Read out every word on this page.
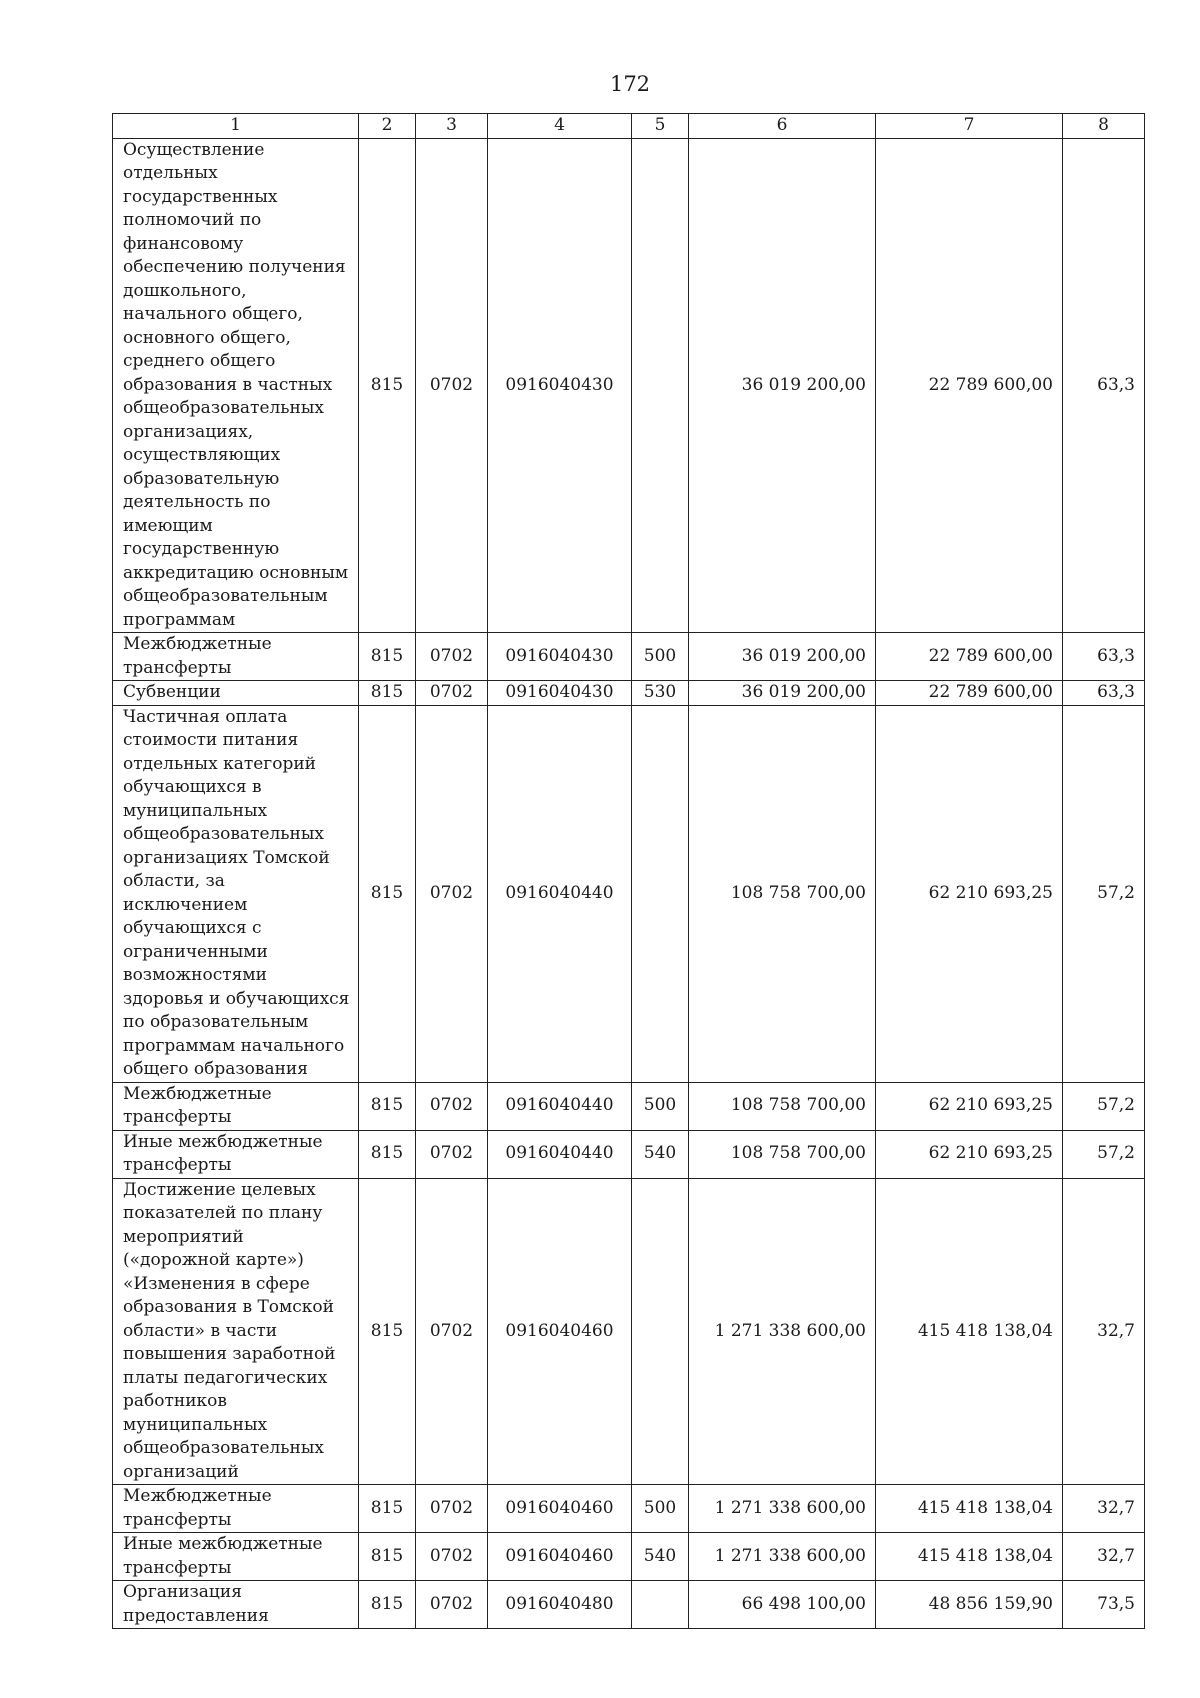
172
1	2	3	4	5	6	7	8
Осуществление отдельных государственных полномочий по финансовому обеспечению получения дошкольного, начального общего, основного общего, среднего общего образования в частных общеобразовательных организациях, осуществляющих образовательную деятельность по имеющим государственную аккредитацию основным общеобразовательным программам	815	0702	0916040430		36 019 200,00	22 789 600,00	63,3
Межбюджетные трансферты	815	0702	0916040430	500	36 019 200,00	22 789 600,00	63,3
Субвенции	815	0702	0916040430	530	36 019 200,00	22 789 600,00	63,3
Частичная оплата стоимости питания отдельных категорий обучающихся в муниципальных общеобразовательных организациях Томской области, за исключением обучающихся с ограниченными возможностями здоровья и обучающихся по образовательным программам начального общего образования	815	0702	0916040440		108 758 700,00	62 210 693,25	57,2
Межбюджетные трансферты	815	0702	0916040440	500	108 758 700,00	62 210 693,25	57,2
Иные межбюджетные трансферты	815	0702	0916040440	540	108 758 700,00	62 210 693,25	57,2
Достижение целевых показателей по плану мероприятий («дорожной карте») «Изменения в сфере образования в Томской области» в части повышения заработной платы педагогических работников муниципальных общеобразовательных организаций	815	0702	0916040460		1 271 338 600,00	415 418 138,04	32,7
Межбюджетные трансферты	815	0702	0916040460	500	1 271 338 600,00	415 418 138,04	32,7
Иные межбюджетные трансферты	815	0702	0916040460	540	1 271 338 600,00	415 418 138,04	32,7
Организация предоставления	815	0702	0916040480		66 498 100,00	48 856 159,90	73,5
